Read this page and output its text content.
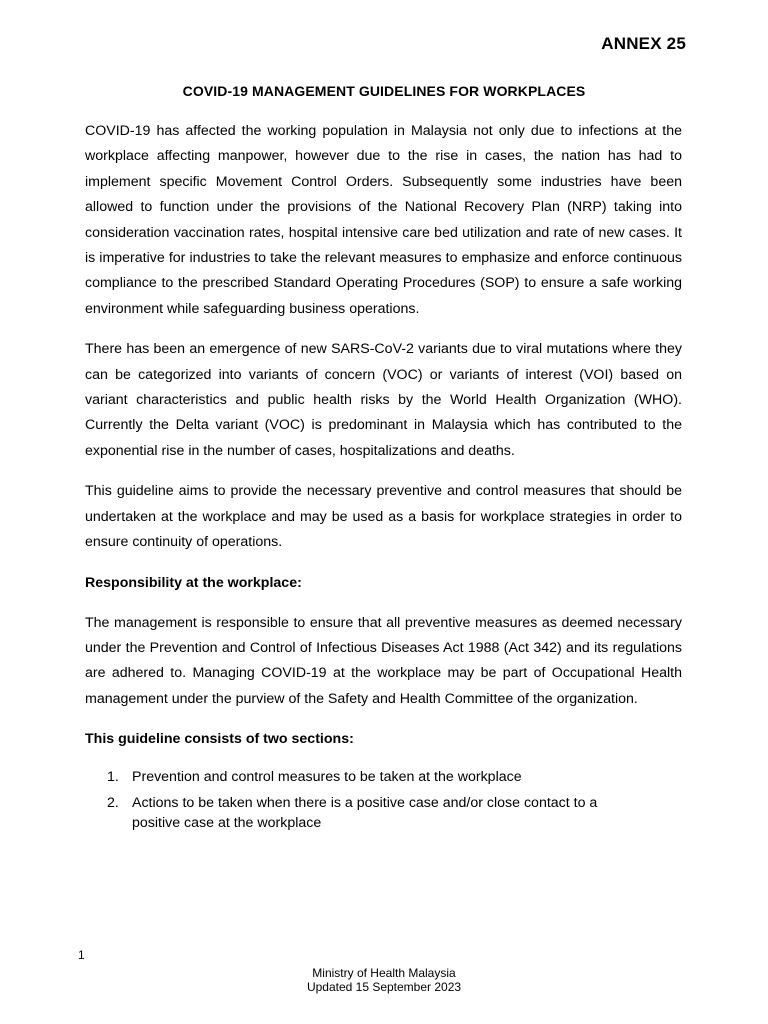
ANNEX 25
COVID-19 MANAGEMENT GUIDELINES FOR WORKPLACES

COVID-19 has affected the working population in Malaysia not only due to infections at the workplace affecting manpower, however due to the rise in cases, the nation has had to implement specific Movement Control Orders. Subsequently some industries have been allowed to function under the provisions of the National Recovery Plan (NRP) taking into consideration vaccination rates, hospital intensive care bed utilization and rate of new cases. It is imperative for industries to take the relevant measures to emphasize and enforce continuous compliance to the prescribed Standard Operating Procedures (SOP) to ensure a safe working environment while safeguarding business operations.

There has been an emergence of new SARS-CoV-2 variants due to viral mutations where they can be categorized into variants of concern (VOC) or variants of interest (VOI) based on variant characteristics and public health risks by the World Health Organization (WHO). Currently the Delta variant (VOC) is predominant in Malaysia which has contributed to the exponential rise in the number of cases, hospitalizations and deaths.

This guideline aims to provide the necessary preventive and control measures that should be undertaken at the workplace and may be used as a basis for workplace strategies in order to ensure continuity of operations.

Responsibility at the workplace:

The management is responsible to ensure that all preventive measures as deemed necessary under the Prevention and Control of Infectious Diseases Act 1988 (Act 342) and its regulations are adhered to. Managing COVID-19 at the workplace may be part of Occupational Health management under the purview of the Safety and Health Committee of the organization.

This guideline consists of two sections:
1. Prevention and control measures to be taken at the workplace
2. Actions to be taken when there is a positive case and/or close contact to a positive case at the workplace
1
Ministry of Health Malaysia
Updated 15 September 2023
